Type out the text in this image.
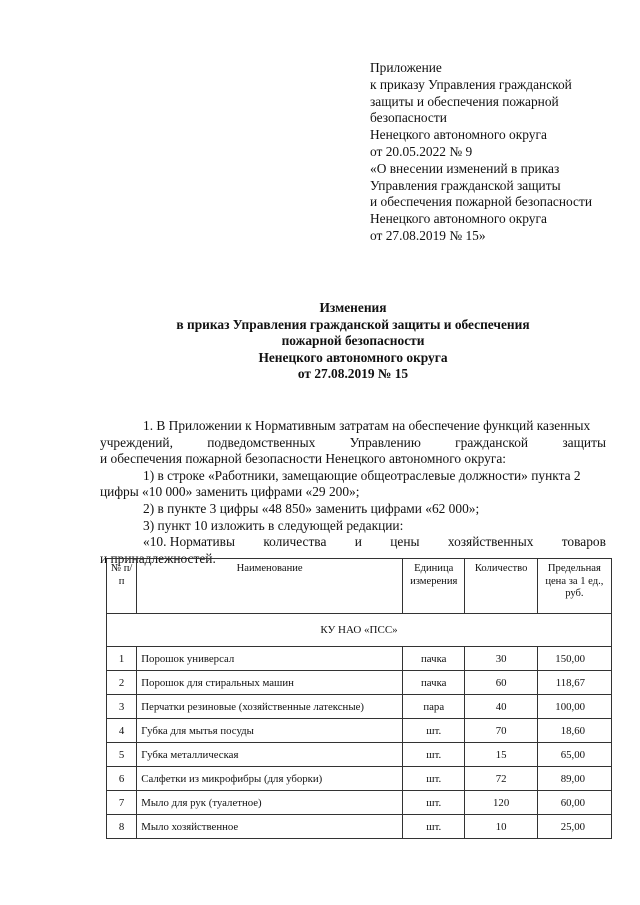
Приложение
к приказу Управления гражданской
защиты и обеспечения пожарной
безопасности
Ненецкого автономного округа
от 20.05.2022 № 9
«О внесении изменений в приказ
Управления гражданской защиты
и обеспечения пожарной безопасности
Ненецкого автономного округа
от 27.08.2019 № 15»
Изменения
в приказ Управления гражданской защиты и обеспечения
пожарной безопасности
Ненецкого автономного округа
от 27.08.2019 № 15
1. В Приложении к Нормативным затратам на обеспечение функций казенных
учреждений,	подведомственных	Управлению	гражданской	защиты
и обеспечения пожарной безопасности Ненецкого автономного округа:
1) в строке «Работники, замещающие общеотраслевые должности» пункта 2
цифры «10 000» заменить цифрами «29 200»;
2) в пункте 3 цифры «48 850» заменить цифрами «62 000»;
3) пункт 10 изложить в следующей редакции:
«10. Нормативы количества и цены хозяйственных товаров
и принадлежностей.
№ п/п	Наименование	Единица измерения	Количество	Предельная цена за 1 ед., руб.
КУ НАО «ПСС»				
1	Порошок универсал	пачка	30	150,00
2	Порошок для стиральных машин	пачка	60	118,67
3	Перчатки резиновые (хозяйственные латексные)	пара	40	100,00
4	Губка для мытья посуды	шт.	70	18,60
5	Губка металлическая	шт.	15	65,00
6	Салфетки из микрофибры (для уборки)	шт.	72	89,00
7	Мыло для рук (туалетное)	шт.	120	60,00
8	Мыло хозяйственное	шт.	10	25,00
